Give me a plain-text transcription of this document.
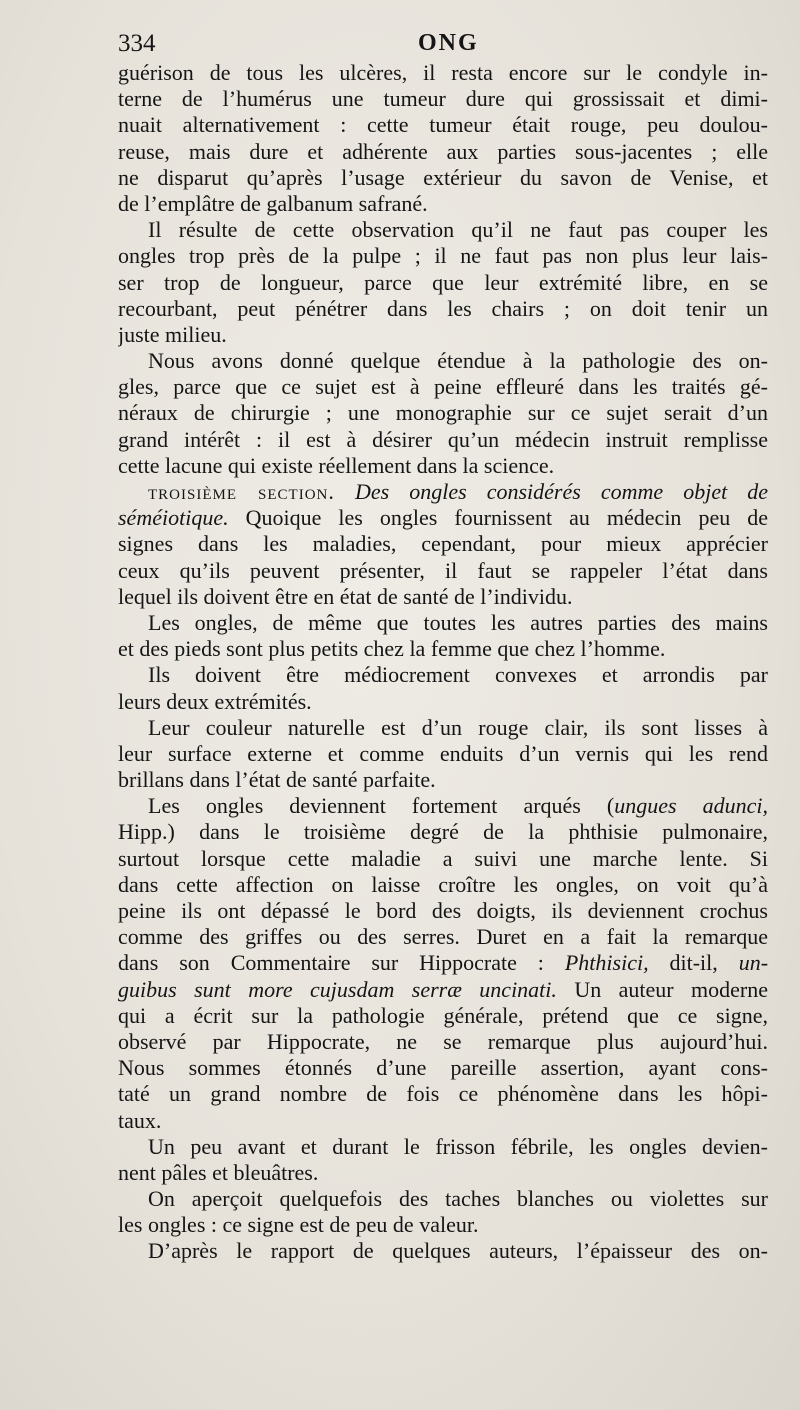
334	ONG
guérison de tous les ulcères, il resta encore sur le condyle in-
terne de l’humérus une tumeur dure qui grossissait et dimi-
nuait alternativement : cette tumeur était rouge, peu doulou-
reuse, mais dure et adhérente aux parties sous-jacentes ; elle
ne disparut qu’après l’usage extérieur du savon de Venise, et
de l’emplâtre de galbanum safrané.
Il résulte de cette observation qu’il ne faut pas couper les
ongles trop près de la pulpe ; il ne faut pas non plus leur lais-
ser trop de longueur, parce que leur extrémité libre, en se
recourbant, peut pénétrer dans les chairs ; on doit tenir un
juste milieu.
Nous avons donné quelque étendue à la pathologie des on-
gles, parce que ce sujet est à peine effleuré dans les traités gé-
néraux de chirurgie ; une monographie sur ce sujet serait d’un
grand intérêt : il est à désirer qu’un médecin instruit remplisse
cette lacune qui existe réellement dans la science.
troisième section. Des ongles considérés comme objet de
séméiotique. Quoique les ongles fournissent au médecin peu de
signes dans les maladies, cependant, pour mieux apprécier
ceux qu’ils peuvent présenter, il faut se rappeler l’état dans
lequel ils doivent être en état de santé de l’individu.
Les ongles, de même que toutes les autres parties des mains
et des pieds sont plus petits chez la femme que chez l’homme.
Ils doivent être médiocrement convexes et arrondis par
leurs deux extrémités.
Leur couleur naturelle est d’un rouge clair, ils sont lisses à
leur surface externe et comme enduits d’un vernis qui les rend
brillans dans l’état de santé parfaite.
Les ongles deviennent fortement arqués (ungues adunci,
Hipp.) dans le troisième degré de la phthisie pulmonaire,
surtout lorsque cette maladie a suivi une marche lente. Si
dans cette affection on laisse croître les ongles, on voit qu’à
peine ils ont dépassé le bord des doigts, ils deviennent crochus
comme des griffes ou des serres. Duret en a fait la remarque
dans son Commentaire sur Hippocrate : Phthisici, dit-il, un-
guibus sunt more cujusdam serræ uncinati. Un auteur moderne
qui a écrit sur la pathologie générale, prétend que ce signe,
observé par Hippocrate, ne se remarque plus aujourd’hui.
Nous sommes étonnés d’une pareille assertion, ayant cons-
taté un grand nombre de fois ce phénomène dans les hôpi-
taux.
Un peu avant et durant le frisson fébrile, les ongles devien-
nent pâles et bleuâtres.
On aperçoit quelquefois des taches blanches ou violettes sur
les ongles : ce signe est de peu de valeur.
D’après le rapport de quelques auteurs, l’épaisseur des on-
